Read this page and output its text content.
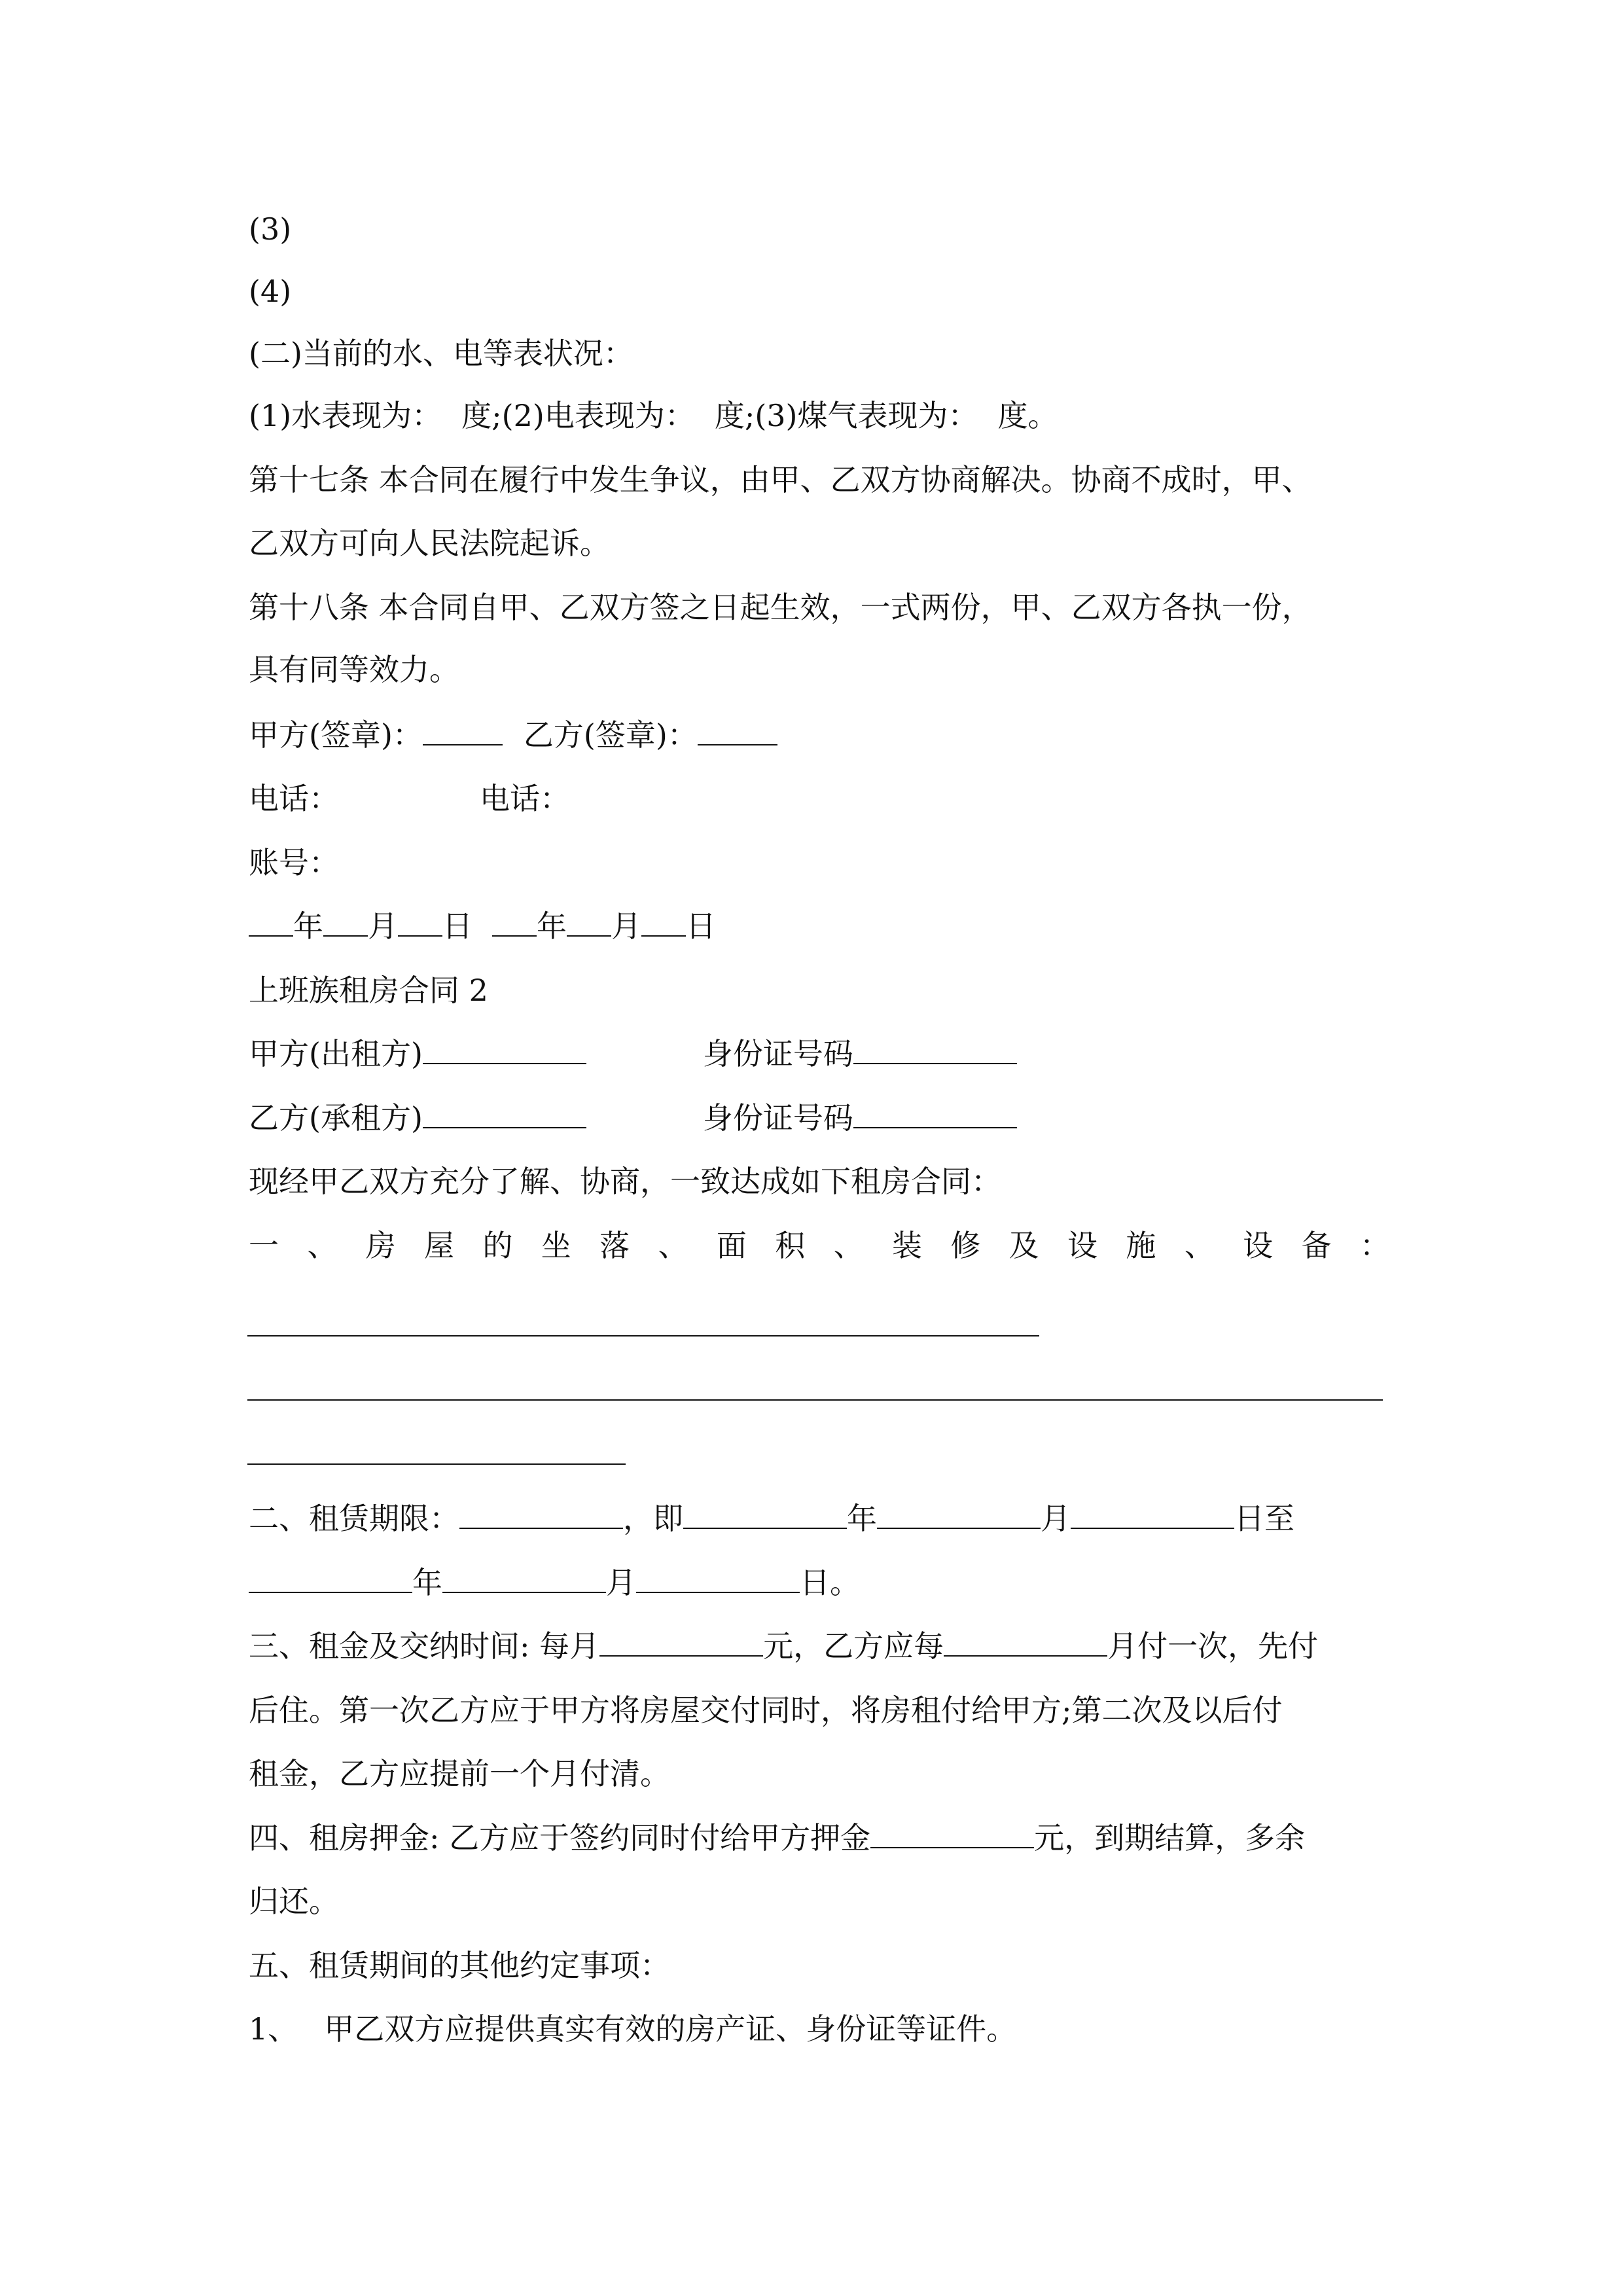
(3)
(4)
(二)当前的水、电等表状况：
(1)水表现为： 度;(2)电表现为： 度;(3)煤气表现为： 度。
第十七条 本合同在履行中发生争议，由甲、乙双方协商解决。协商不成时，甲、
乙双方可向人民法院起诉。
第十八条 本合同自甲、乙双方签之日起生效，一式两份，甲、乙双方各执一份，
具有同等效力。
甲方(签章)：	乙方(签章)：
电话：	电话：
账号：
年 月 日 年 月 日
上班族租房合同 2
甲方(出租方)	身份证号码
乙方(承租方)	身份证号码
现经甲乙双方充分了解、协商，一致达成如下租房合同：
一 、 房 屋 的 坐 落 、 面 积 、 装 修 及 设 施 、 设 备 ：
二、租赁期限：	，即	年	月	日至
年	月	日。
三、租金及交纳时间: 每月	元，乙方应每	月付一次，先付
后住。第一次乙方应于甲方将房屋交付同时，将房租付给甲方;第二次及以后付
租金，乙方应提前一个月付清。
四、租房押金: 乙方应于签约同时付给甲方押金	元，到期结算，多余
归还。
五、租赁期间的其他约定事项：
1、 甲乙双方应提供真实有效的房产证、身份证等证件。
